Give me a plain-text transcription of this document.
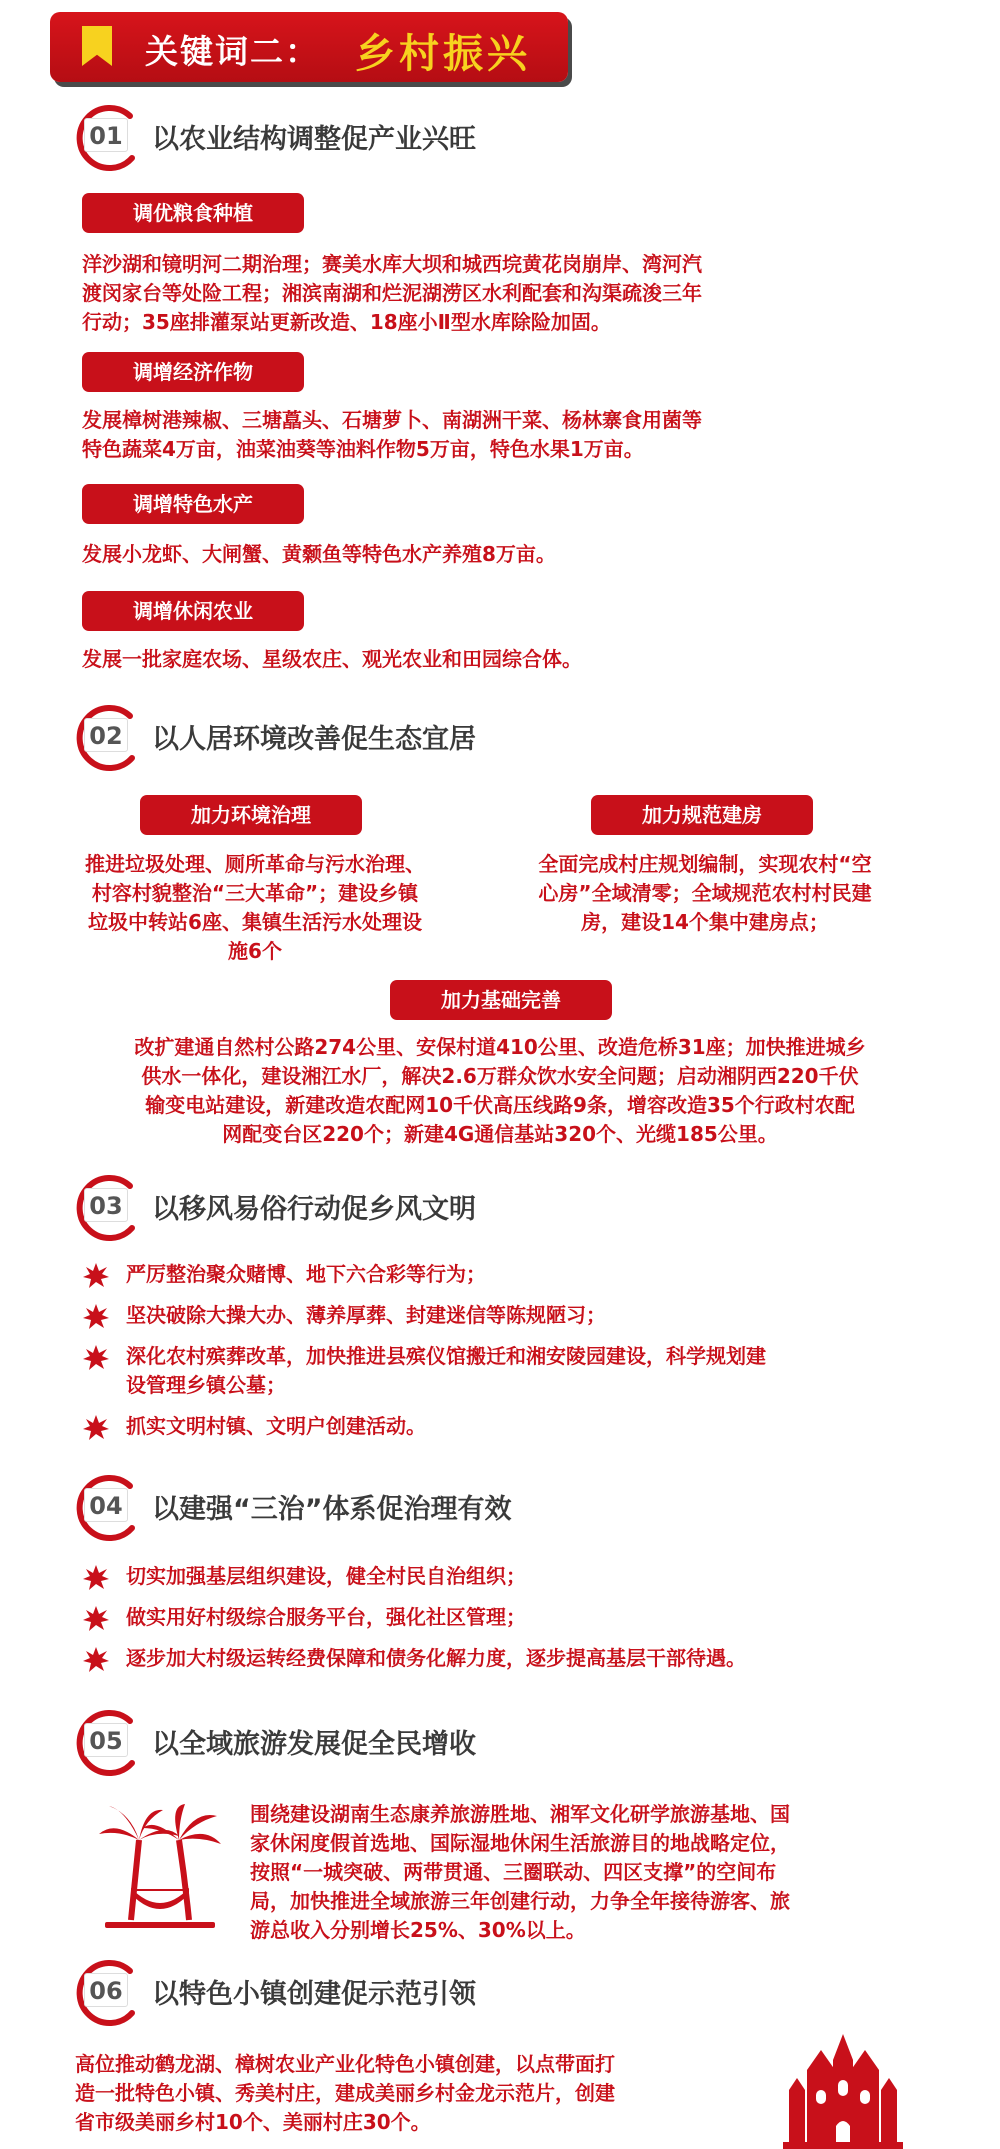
关键词二： 乡村振兴
01 以农业结构调整促产业兴旺
调优粮食种植
洋沙湖和镜明河二期治理；赛美水库大坝和城西垸黄花岗崩岸、湾河汽
渡闵家台等处险工程；湘滨南湖和烂泥湖涝区水利配套和沟渠疏浚三年
行动；35座排灌泵站更新改造、18座小Ⅱ型水库除险加固。
调增经济作物
发展樟树港辣椒、三塘藠头、石塘萝卜、南湖洲干菜、杨林寨食用菌等
特色蔬菜4万亩，油菜油葵等油料作物5万亩，特色水果1万亩。
调增特色水产
发展小龙虾、大闸蟹、黄颡鱼等特色水产养殖8万亩。
调增休闲农业
发展一批家庭农场、星级农庄、观光农业和田园综合体。
02 以人居环境改善促生态宜居
加力环境治理
推进垃圾处理、厕所革命与污水治理、
村容村貌整治“三大革命”；建设乡镇
垃圾中转站6座、集镇生活污水处理设
施6个
加力规范建房
全面完成村庄规划编制，实现农村“空
心房”全域清零；全域规范农村村民建
房，建设14个集中建房点；
加力基础完善
改扩建通自然村公路274公里、安保村道410公里、改造危桥31座；加快推进城乡
供水一体化，建设湘江水厂，解决2.6万群众饮水安全问题；启动湘阴西220千伏
输变电站建设，新建改造农配网10千伏高压线路9条，增容改造35个行政村农配
网配变台区220个；新建4G通信基站320个、光缆185公里。
03 以移风易俗行动促乡风文明
严厉整治聚众赌博、地下六合彩等行为；
坚决破除大操大办、薄养厚葬、封建迷信等陈规陋习；
深化农村殡葬改革，加快推进县殡仪馆搬迁和湘安陵园建设，科学规划建
设管理乡镇公墓；
抓实文明村镇、文明户创建活动。
04 以建强“三治”体系促治理有效
切实加强基层组织建设，健全村民自治组织；
做实用好村级综合服务平台，强化社区管理；
逐步加大村级运转经费保障和债务化解力度，逐步提高基层干部待遇。
05 以全域旅游发展促全民增收
围绕建设湖南生态康养旅游胜地、湘军文化研学旅游基地、国
家休闲度假首选地、国际湿地休闲生活旅游目的地战略定位，
按照“一城突破、两带贯通、三圈联动、四区支撑”的空间布
局，加快推进全域旅游三年创建行动，力争全年接待游客、旅
游总收入分别增长25%、30%以上。
06 以特色小镇创建促示范引领
高位推动鹤龙湖、樟树农业产业化特色小镇创建，以点带面打
造一批特色小镇、秀美村庄，建成美丽乡村金龙示范片，创建
省市级美丽乡村10个、美丽村庄30个。
